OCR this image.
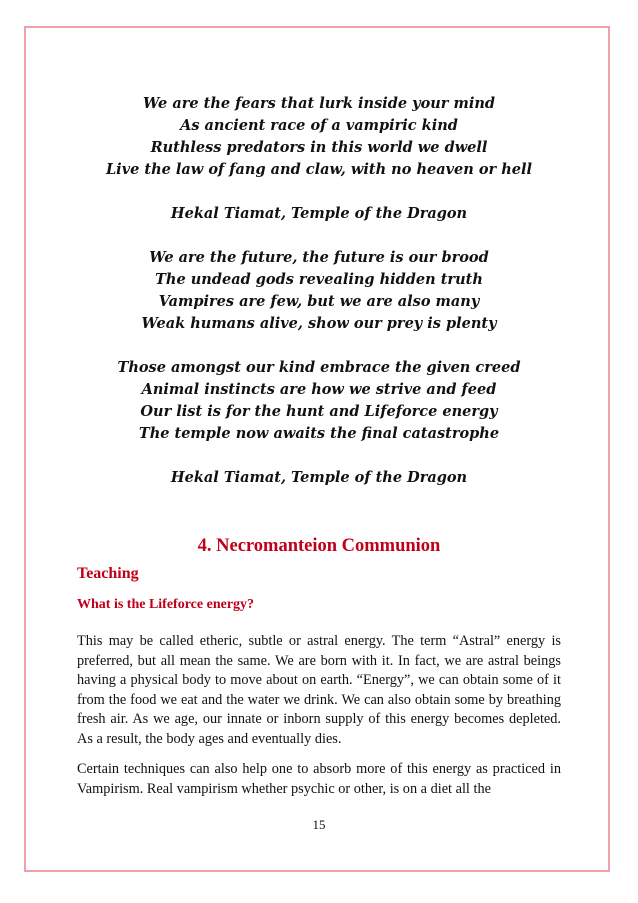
We are the fears that lurk inside your mind
As ancient race of a vampiric kind
Ruthless predators in this world we dwell
Live the law of fang and claw, with no heaven or hell
Hekal Tiamat, Temple of the Dragon
We are the future, the future is our brood
The undead gods revealing hidden truth
Vampires are few, but we are also many
Weak humans alive, show our prey is plenty
Those amongst our kind embrace the given creed
Animal instincts are how we strive and feed
Our list is for the hunt and Lifeforce energy
The temple now awaits the final catastrophe
Hekal Tiamat, Temple of the Dragon
4. Necromanteion Communion
Teaching
What is the Lifeforce energy?

This may be called etheric, subtle or astral energy. The term “Astral” energy is preferred, but all mean the same. We are born with it. In fact, we are astral beings having a physical body to move about on earth. “Energy”, we can obtain some of it from the food we eat and the water we drink. We can also obtain some by breathing fresh air. As we age, our innate or inborn supply of this energy becomes depleted. As a result, the body ages and eventually dies.

Certain techniques can also help one to absorb more of this energy as practiced in Vampirism. Real vampirism whether psychic or other, is on a diet all the

15
